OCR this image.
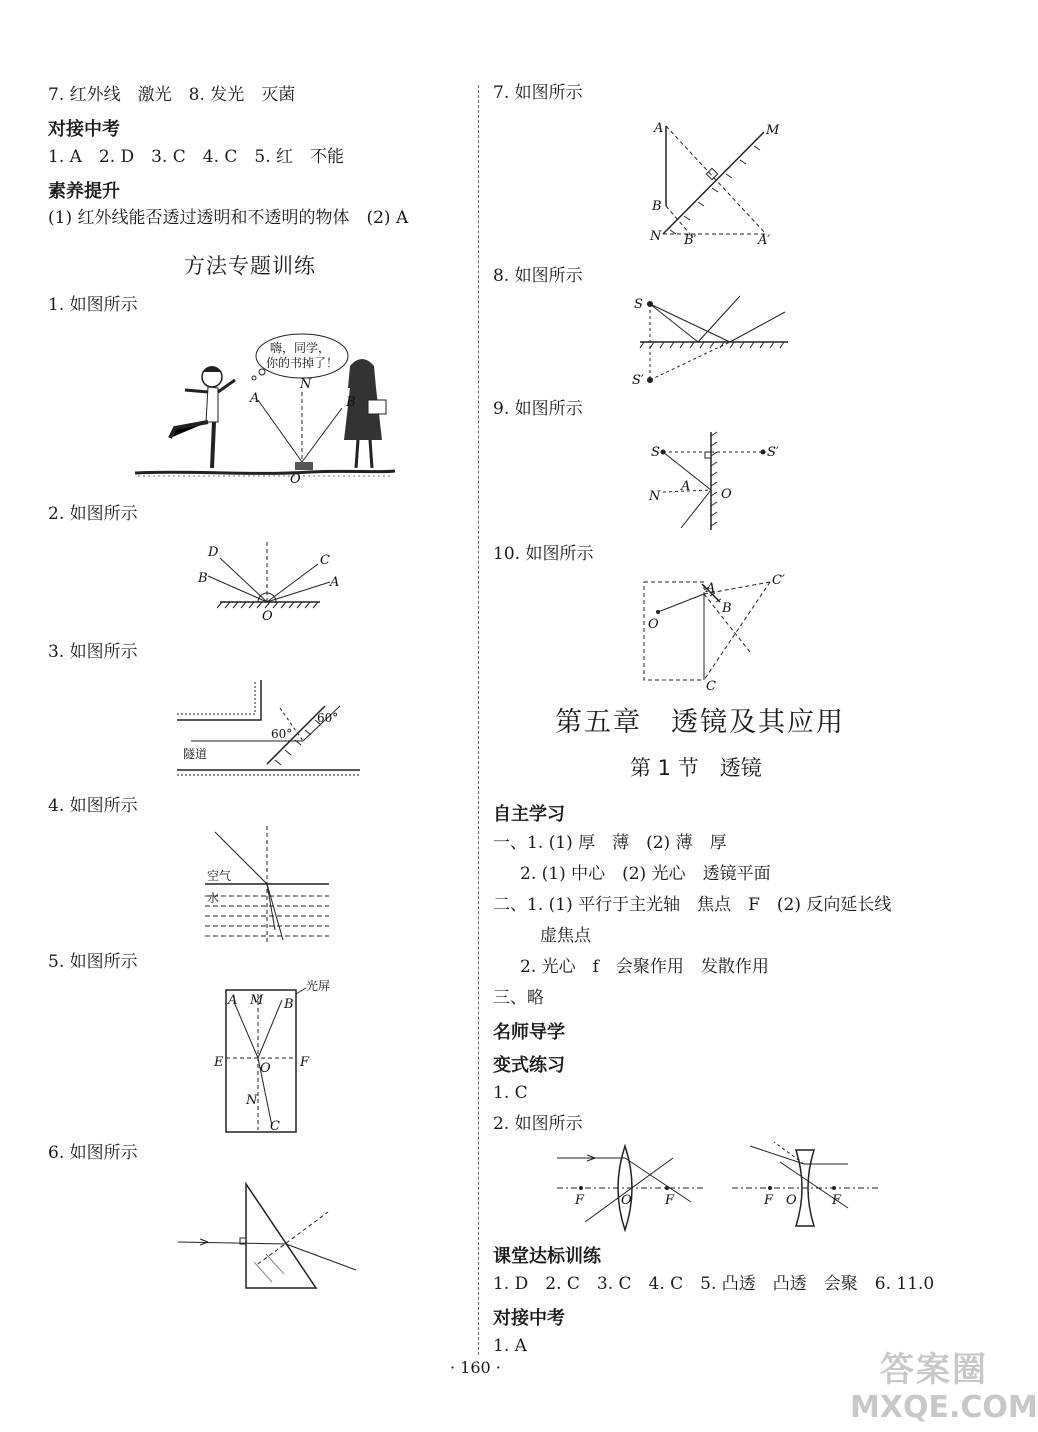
7. 红外线　激光　8. 发光　灭菌
对接中考
1. A　2. D　3. C　4. C　5. 红　不能
素养提升
(1) 红外线能否透过透明和不透明的物体　(2) A
方法专题训练
1. 如图所示
嗨，同学，
你的书掉了！
A
N
B
O
2. 如图所示
D
B
C
A
O
3. 如图所示
60°
60°
隧道
4. 如图所示
空气
水
5. 如图所示
A M B
E	F
O
N
C
光屏
6. 如图所示
7. 如图所示
A	M
B
N B′	A′
8. 如图所示
S
S′
9. 如图所示
S	S′
A
N	O
10. 如图所示
A
B
C′
O
C
第五章　透镜及其应用
第 1 节　透镜
自主学习
一、1. (1) 厚　薄　(2) 薄　厚
2. (1) 中心　(2) 光心　透镜平面
二、1. (1) 平行于主光轴　焦点　F　(2) 反向延长线
虚焦点
2. 光心　f　会聚作用　发散作用
三、略
名师导学
变式练习
1. C
2. 如图所示
F	O	F	F O	F
课堂达标训练
1. D　2. C　3. C　4. C　5. 凸透　凸透　会聚　6. 11.0
对接中考
1. A
· 160 ·	答案圈
MXQE.COM
